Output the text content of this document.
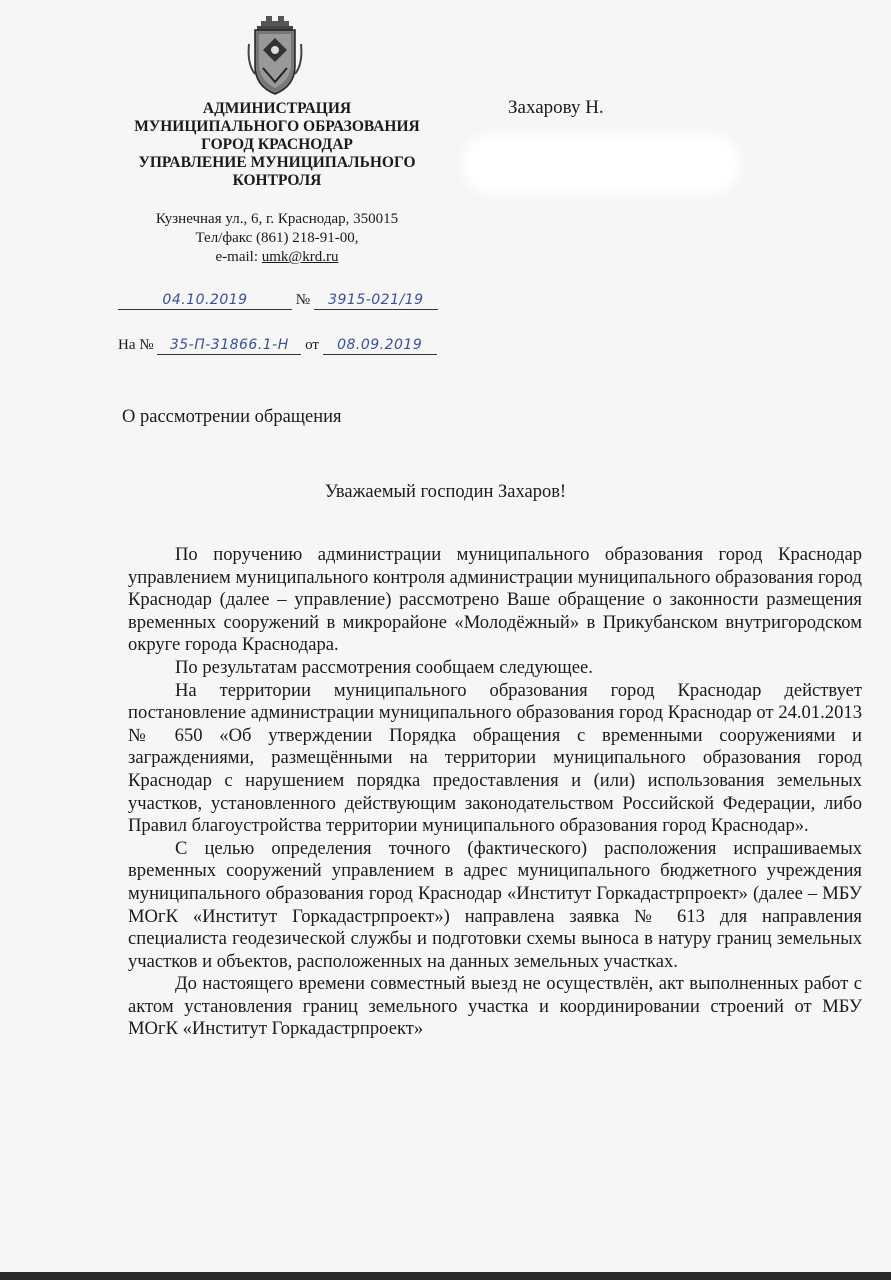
АДМИНИСТРАЦИЯ
МУНИЦИПАЛЬНОГО ОБРАЗОВАНИЯ
ГОРОД КРАСНОДАР
УПРАВЛЕНИЕ МУНИЦИПАЛЬНОГО
КОНТРОЛЯ
Кузнечная ул., 6, г. Краснодар, 350015
Тел/факс (861) 218-91-00,
e-mail: umk@krd.ru
Захарову Н.
04.10.2019	№ 3915-021/19
На № 35-П-31866.1-Н от 08.09.2019
О рассмотрении обращения
Уважаемый господин Захаров!

По поручению администрации муниципального образования город Краснодар управлением муниципального контроля администрации муниципального образования город Краснодар (далее – управление) рассмотрено Ваше обращение о законности размещения временных сооружений в микрорайоне «Молодёжный» в Прикубанском внутригородском округе города Краснодара.

По результатам рассмотрения сообщаем следующее.

На территории муниципального образования город Краснодар действует постановление администрации муниципального образования город Краснодар от 24.01.2013 № 650 «Об утверждении Порядка обращения с временными сооружениями и заграждениями, размещёнными на территории муниципального образования город Краснодар с нарушением порядка предоставления и (или) использования земельных участков, установленного действующим законодательством Российской Федерации, либо Правил благоустройства территории муниципального образования город Краснодар».

С целью определения точного (фактического) расположения испрашиваемых временных сооружений управлением в адрес муниципального бюджетного учреждения муниципального образования город Краснодар «Институт Горкадастрпроект» (далее – МБУ МОгК «Институт Горкадастрпроект») направлена заявка № 613 для направления специалиста геодезической службы и подготовки схемы выноса в натуру границ земельных участков и объектов, расположенных на данных земельных участках.

До настоящего времени совместный выезд не осуществлён, акт выполненных работ с актом установления границ земельного участка и координировании строений от МБУ МОгК «Институт Горкадастрпроект»
